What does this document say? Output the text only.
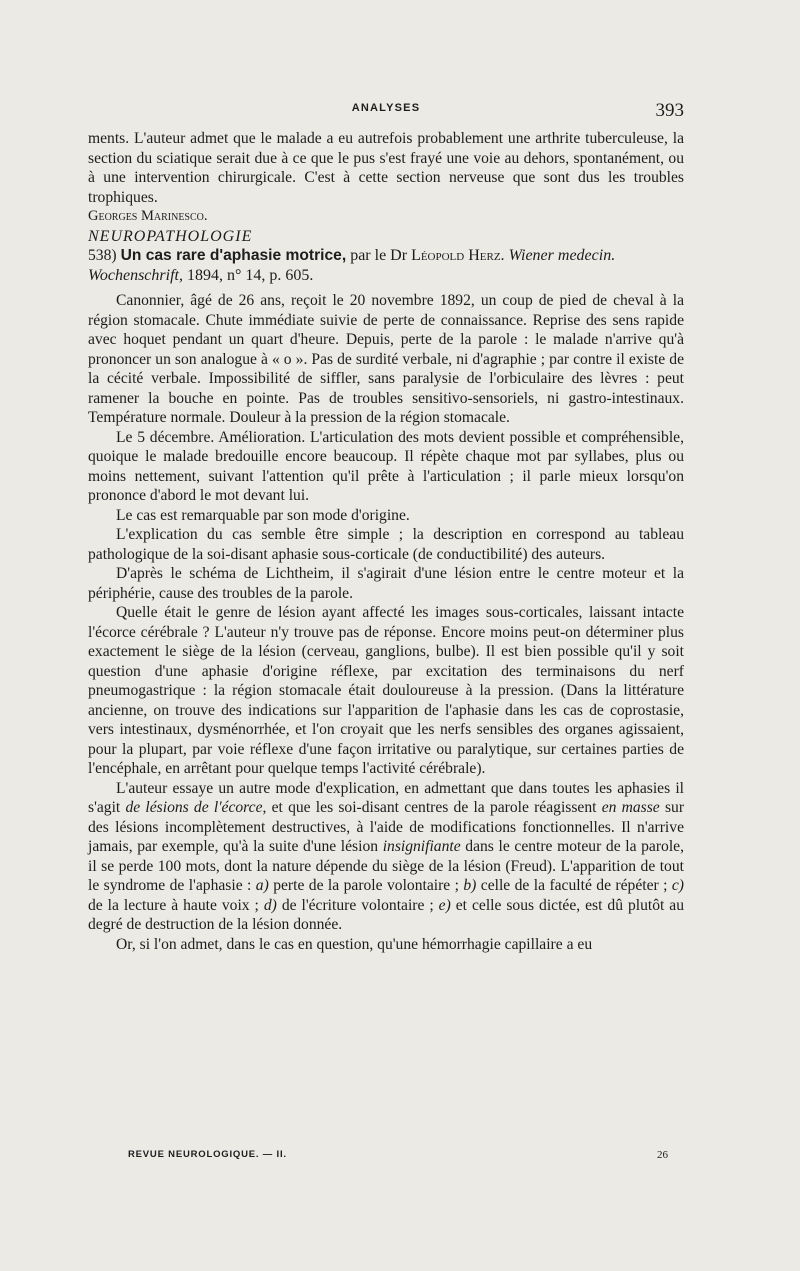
ANALYSES	393

ments. L'auteur admet que le malade a eu autrefois probablement une arthrite tuberculeuse, la section du sciatique serait due à ce que le pus s'est frayé une voie au dehors, spontanément, ou à une intervention chirurgicale. C'est à cette section nerveuse que sont dus les troubles trophiques.

Georges Marinesco.

NEUROPATHOLOGIE

538) Un cas rare d'aphasie motrice, par le Dr Léopold Herz. Wiener medecin. Wochenschrift, 1894, n° 14, p. 605.

Canonnier, âgé de 26 ans, reçoit le 20 novembre 1892, un coup de pied de cheval à la région stomacale. Chute immédiate suivie de perte de connaissance. Reprise des sens rapide avec hoquet pendant un quart d'heure. Depuis, perte de la parole : le malade n'arrive qu'à prononcer un son analogue à « o ». Pas de surdité verbale, ni d'agraphie ; par contre il existe de la cécité verbale. Impossibilité de siffler, sans paralysie de l'orbiculaire des lèvres : peut ramener la bouche en pointe. Pas de troubles sensitivo-sensoriels, ni gastro-intestinaux. Température normale. Douleur à la pression de la région stomacale.

Le 5 décembre. Amélioration. L'articulation des mots devient possible et compréhensible, quoique le malade bredouille encore beaucoup. Il répète chaque mot par syllabes, plus ou moins nettement, suivant l'attention qu'il prête à l'articulation ; il parle mieux lorsqu'on prononce d'abord le mot devant lui.

Le cas est remarquable par son mode d'origine.

L'explication du cas semble être simple ; la description en correspond au tableau pathologique de la soi-disant aphasie sous-corticale (de conductibilité) des auteurs.

D'après le schéma de Lichtheim, il s'agirait d'une lésion entre le centre moteur et la périphérie, cause des troubles de la parole.

Quelle était le genre de lésion ayant affecté les images sous-corticales, laissant intacte l'écorce cérébrale ? L'auteur n'y trouve pas de réponse. Encore moins peut-on déterminer plus exactement le siège de la lésion (cerveau, ganglions, bulbe). Il est bien possible qu'il y soit question d'une aphasie d'origine réflexe, par excitation des terminaisons du nerf pneumogastrique : la région stomacale était douloureuse à la pression. (Dans la littérature ancienne, on trouve des indications sur l'apparition de l'aphasie dans les cas de coprostasie, vers intestinaux, dysménorrhée, et l'on croyait que les nerfs sensibles des organes agissaient, pour la plupart, par voie réflexe d'une façon irritative ou paralytique, sur certaines parties de l'encéphale, en arrêtant pour quelque temps l'activité cérébrale).

L'auteur essaye un autre mode d'explication, en admettant que dans toutes les aphasies il s'agit de lésions de l'écorce, et que les soi-disant centres de la parole réagissent en masse sur des lésions incomplètement destructives, à l'aide de modifications fonctionnelles. Il n'arrive jamais, par exemple, qu'à la suite d'une lésion insignifiante dans le centre moteur de la parole, il se perde 100 mots, dont la nature dépende du siège de la lésion (Freud). L'apparition de tout le syndrome de l'aphasie : a) perte de la parole volontaire ; b) celle de la faculté de répéter ; c) de la lecture à haute voix ; d) de l'écriture volontaire ; e) et celle sous dictée, est dû plutôt au degré de destruction de la lésion donnée.

Or, si l'on admet, dans le cas en question, qu'une hémorrhagie capillaire a eu

REVUE NEUROLOGIQUE. — II.	26
